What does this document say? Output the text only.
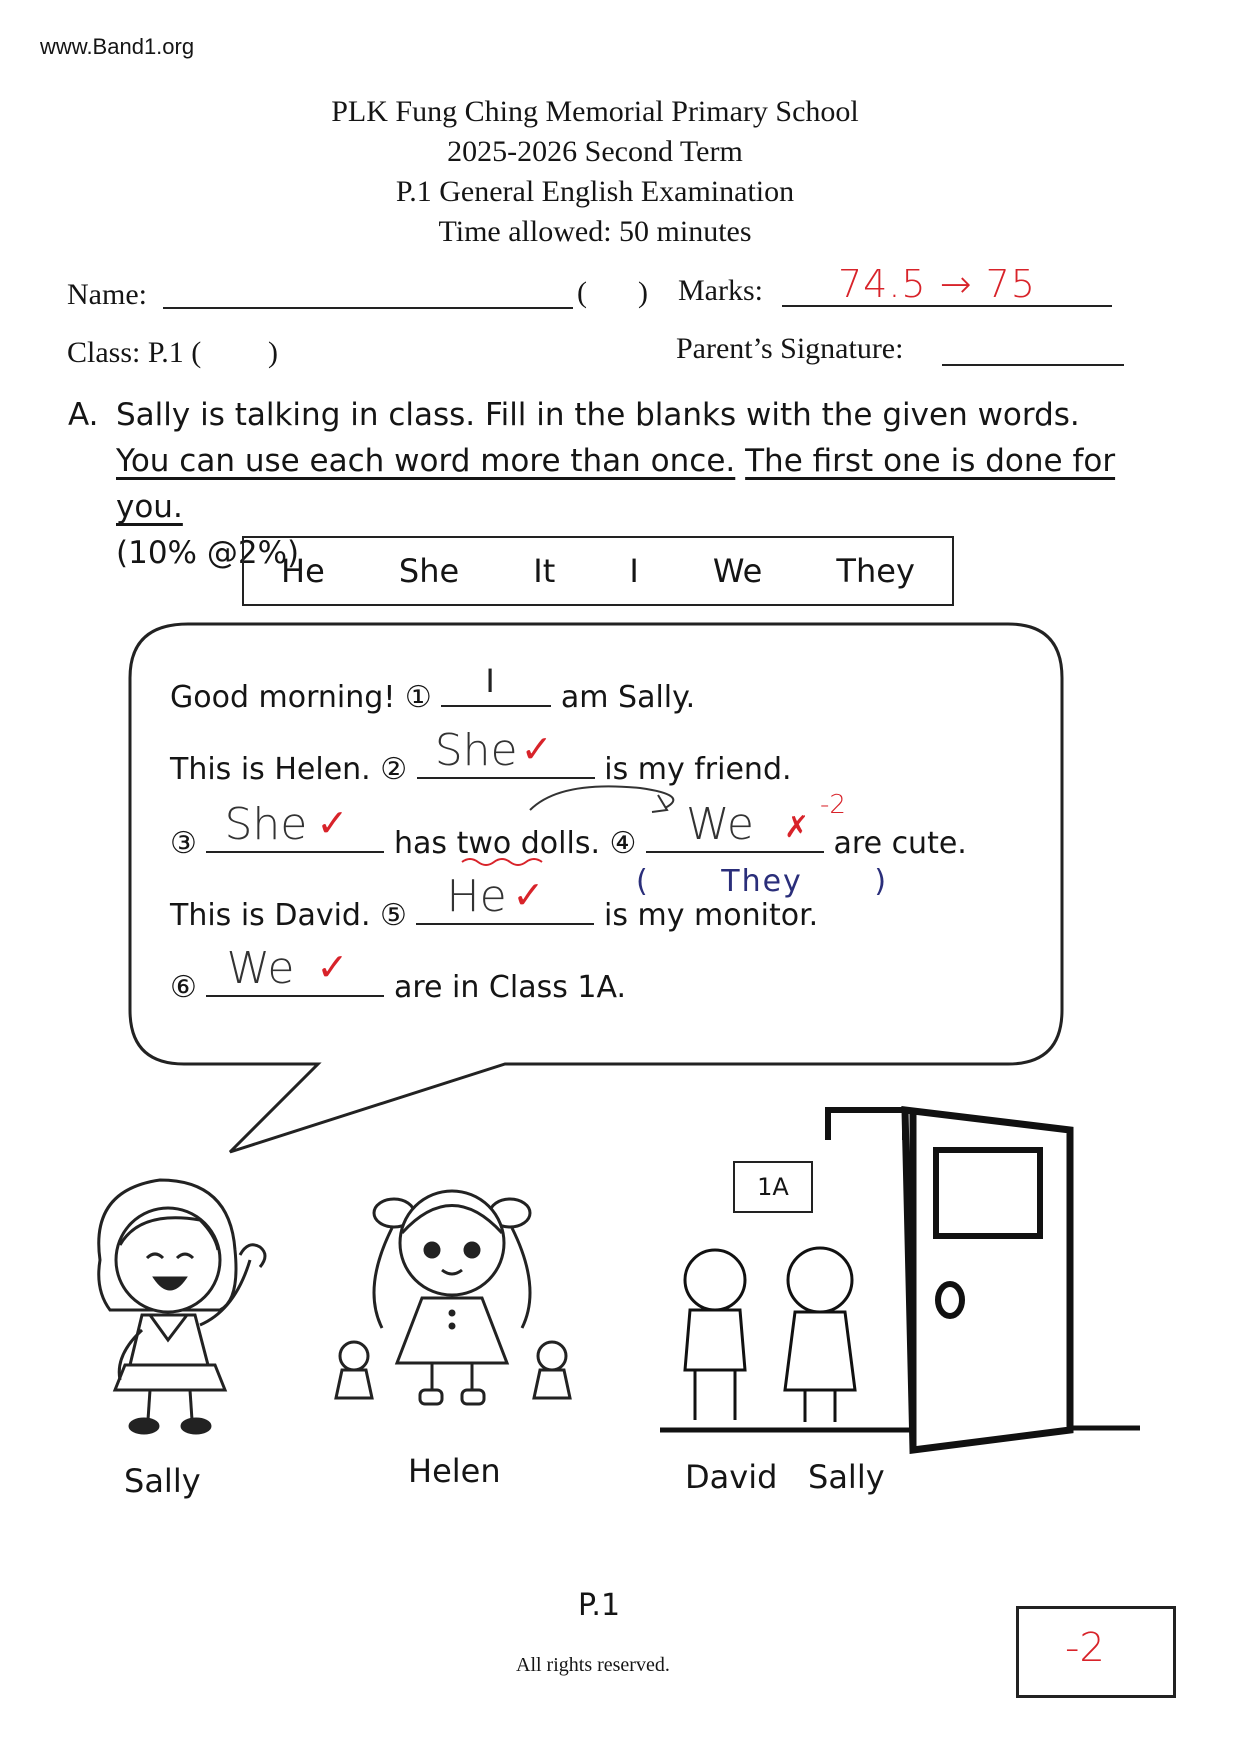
www.Band1.org
PLK Fung Ching Memorial Primary School
2025-2026 Second Term
P.1 General English Examination
Time allowed: 50 minutes
Name:	( ) Marks: 74.5 → 75
Class: P.1 ( )	Parent’s Signature:
A. Sally is talking in class. Fill in the blanks with the given words. You can use each word more than once. The first one is done for you.
(10% @2%)
He She It I We They
Good morning! ① I am Sally.
This is Helen. ② She ✓ is my friend.
③ She ✓ has two dolls. ④ We ✗ are cute.
-2
( They )
This is David. ⑤ He ✓ is my monitor.
⑥ We ✓ are in Class 1A.
1A
Sally	Helen	David Sally
P.1
All rights reserved.	-2
